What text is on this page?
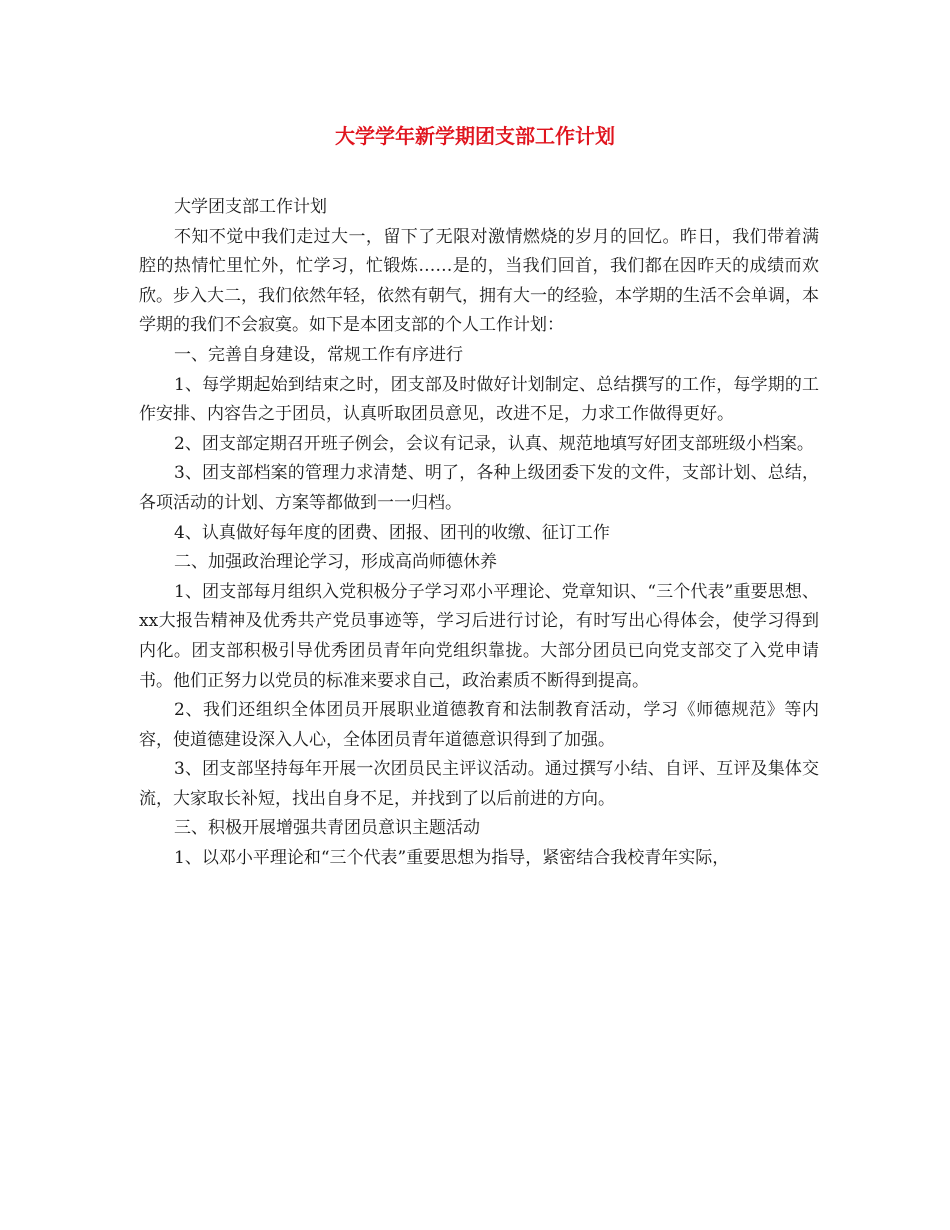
大学学年新学期团支部工作计划

大学团支部工作计划

不知不觉中我们走过大一，留下了无限对激情燃烧的岁月的回忆。昨日，我们带着满腔的热情忙里忙外，忙学习，忙锻炼……是的，当我们回首，我们都在因昨天的成绩而欢欣。步入大二，我们依然年轻，依然有朝气，拥有大一的经验，本学期的生活不会单调，本学期的我们不会寂寞。如下是本团支部的个人工作计划：

一、完善自身建设，常规工作有序进行

1、每学期起始到结束之时，团支部及时做好计划制定、总结撰写的工作，每学期的工作安排、内容告之于团员，认真听取团员意见，改进不足，力求工作做得更好。

2、团支部定期召开班子例会，会议有记录，认真、规范地填写好团支部班级小档案。

3、团支部档案的管理力求清楚、明了，各种上级团委下发的文件，支部计划、总结，各项活动的计划、方案等都做到一一归档。

4、认真做好每年度的团费、团报、团刊的收缴、征订工作

二、加强政治理论学习，形成高尚师德休养

1、团支部每月组织入党积极分子学习邓小平理论、党章知识、“三个代表”重要思想、xx大报告精神及优秀共产党员事迹等，学习后进行讨论，有时写出心得体会，使学习得到内化。团支部积极引导优秀团员青年向党组织靠拢。大部分团员已向党支部交了入党申请书。他们正努力以党员的标准来要求自己，政治素质不断得到提高。

2、我们还组织全体团员开展职业道德教育和法制教育活动，学习《师德规范》等内容，使道德建设深入人心，全体团员青年道德意识得到了加强。

3、团支部坚持每年开展一次团员民主评议活动。通过撰写小结、自评、互评及集体交流，大家取长补短，找出自身不足，并找到了以后前进的方向。

三、积极开展增强共青团员意识主题活动

1、以邓小平理论和“三个代表”重要思想为指导，紧密结合我校青年实际，
